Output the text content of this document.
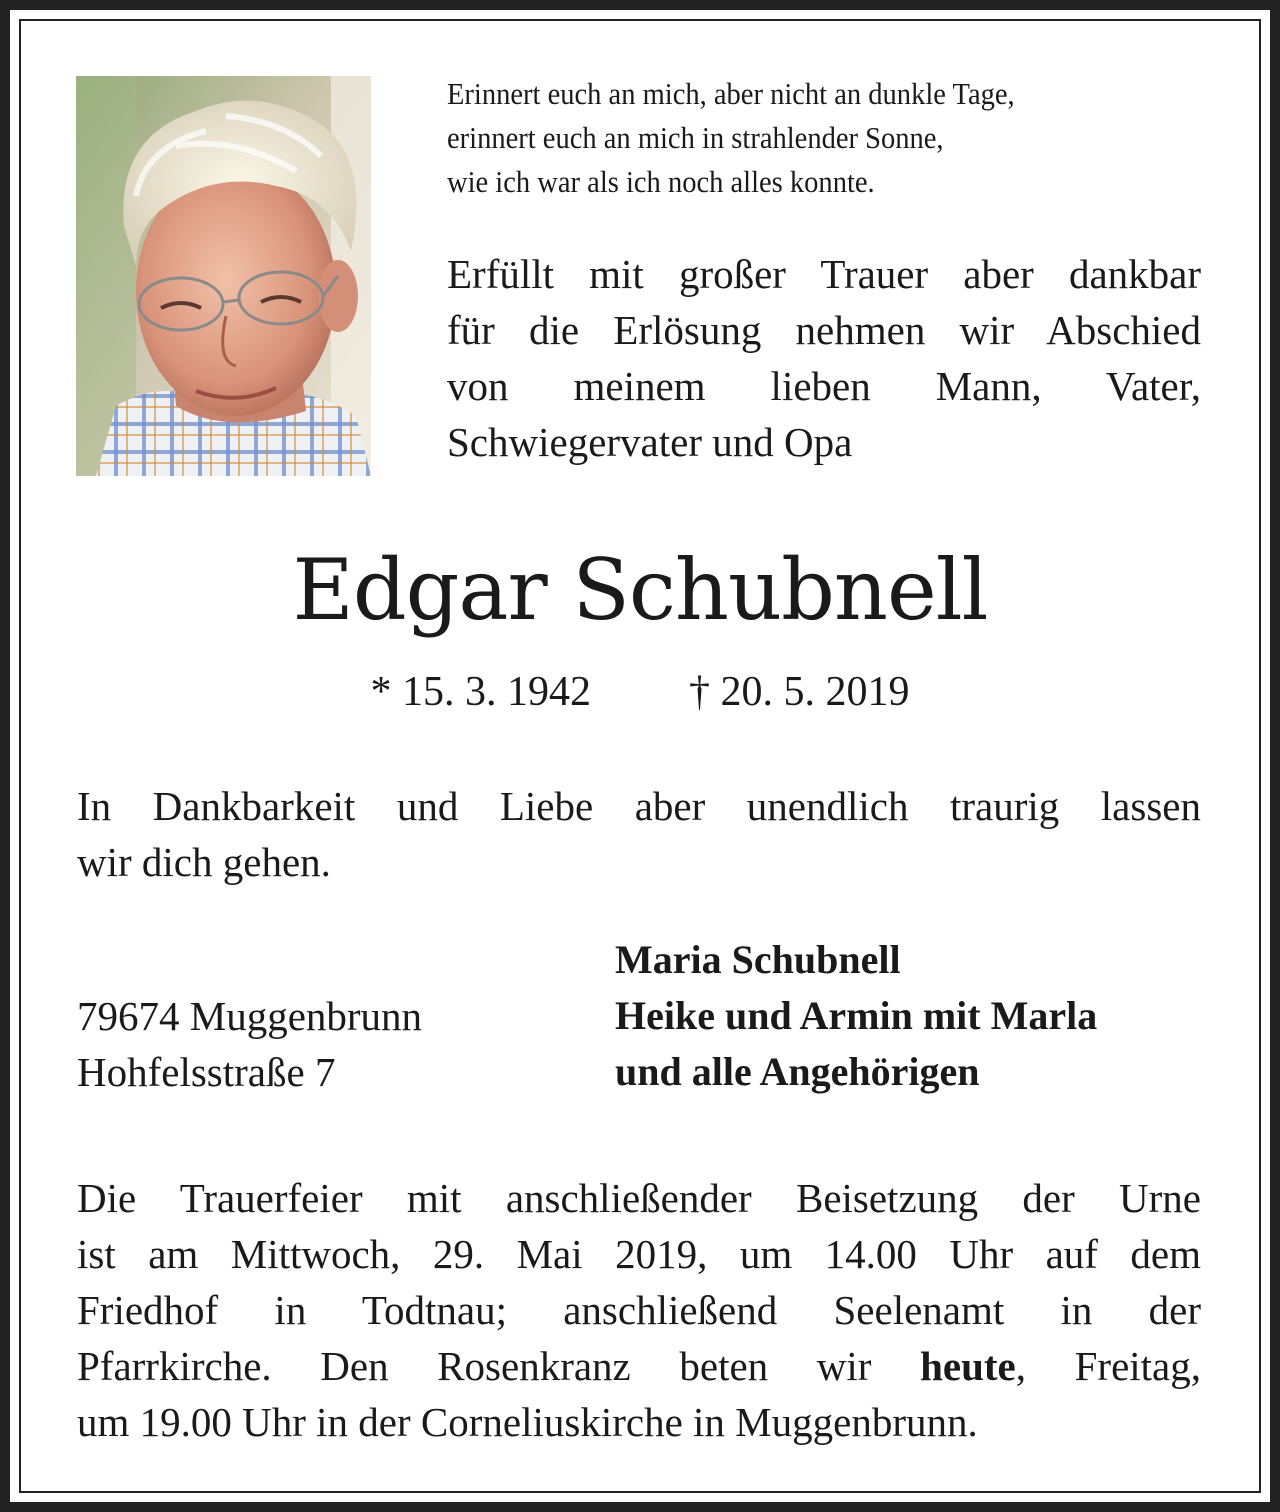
Erinnert euch an mich, aber nicht an dunkle Tage,
erinnert euch an mich in strahlender Sonne,
wie ich war als ich noch alles konnte.
Erfüllt mit großer Trauer aber dankbar
für die Erlösung nehmen wir Abschied
von meinem lieben Mann, Vater,
Schwiegervater und Opa
Edgar Schubnell
* 15. 3. 1942 † 20. 5. 2019
In Dankbarkeit und Liebe aber unendlich traurig lassen
wir dich gehen.
79674 Muggenbrunn
Hohfelsstraße 7
Maria Schubnell
Heike und Armin mit Marla
und alle Angehörigen
Die Trauerfeier mit anschließender Beisetzung der Urne
ist am Mittwoch, 29. Mai 2019, um 14.00 Uhr auf dem
Friedhof in Todtnau; anschließend Seelenamt in der
Pfarrkirche. Den Rosenkranz beten wir heute, Freitag,
um 19.00 Uhr in der Corneliuskirche in Muggenbrunn.
